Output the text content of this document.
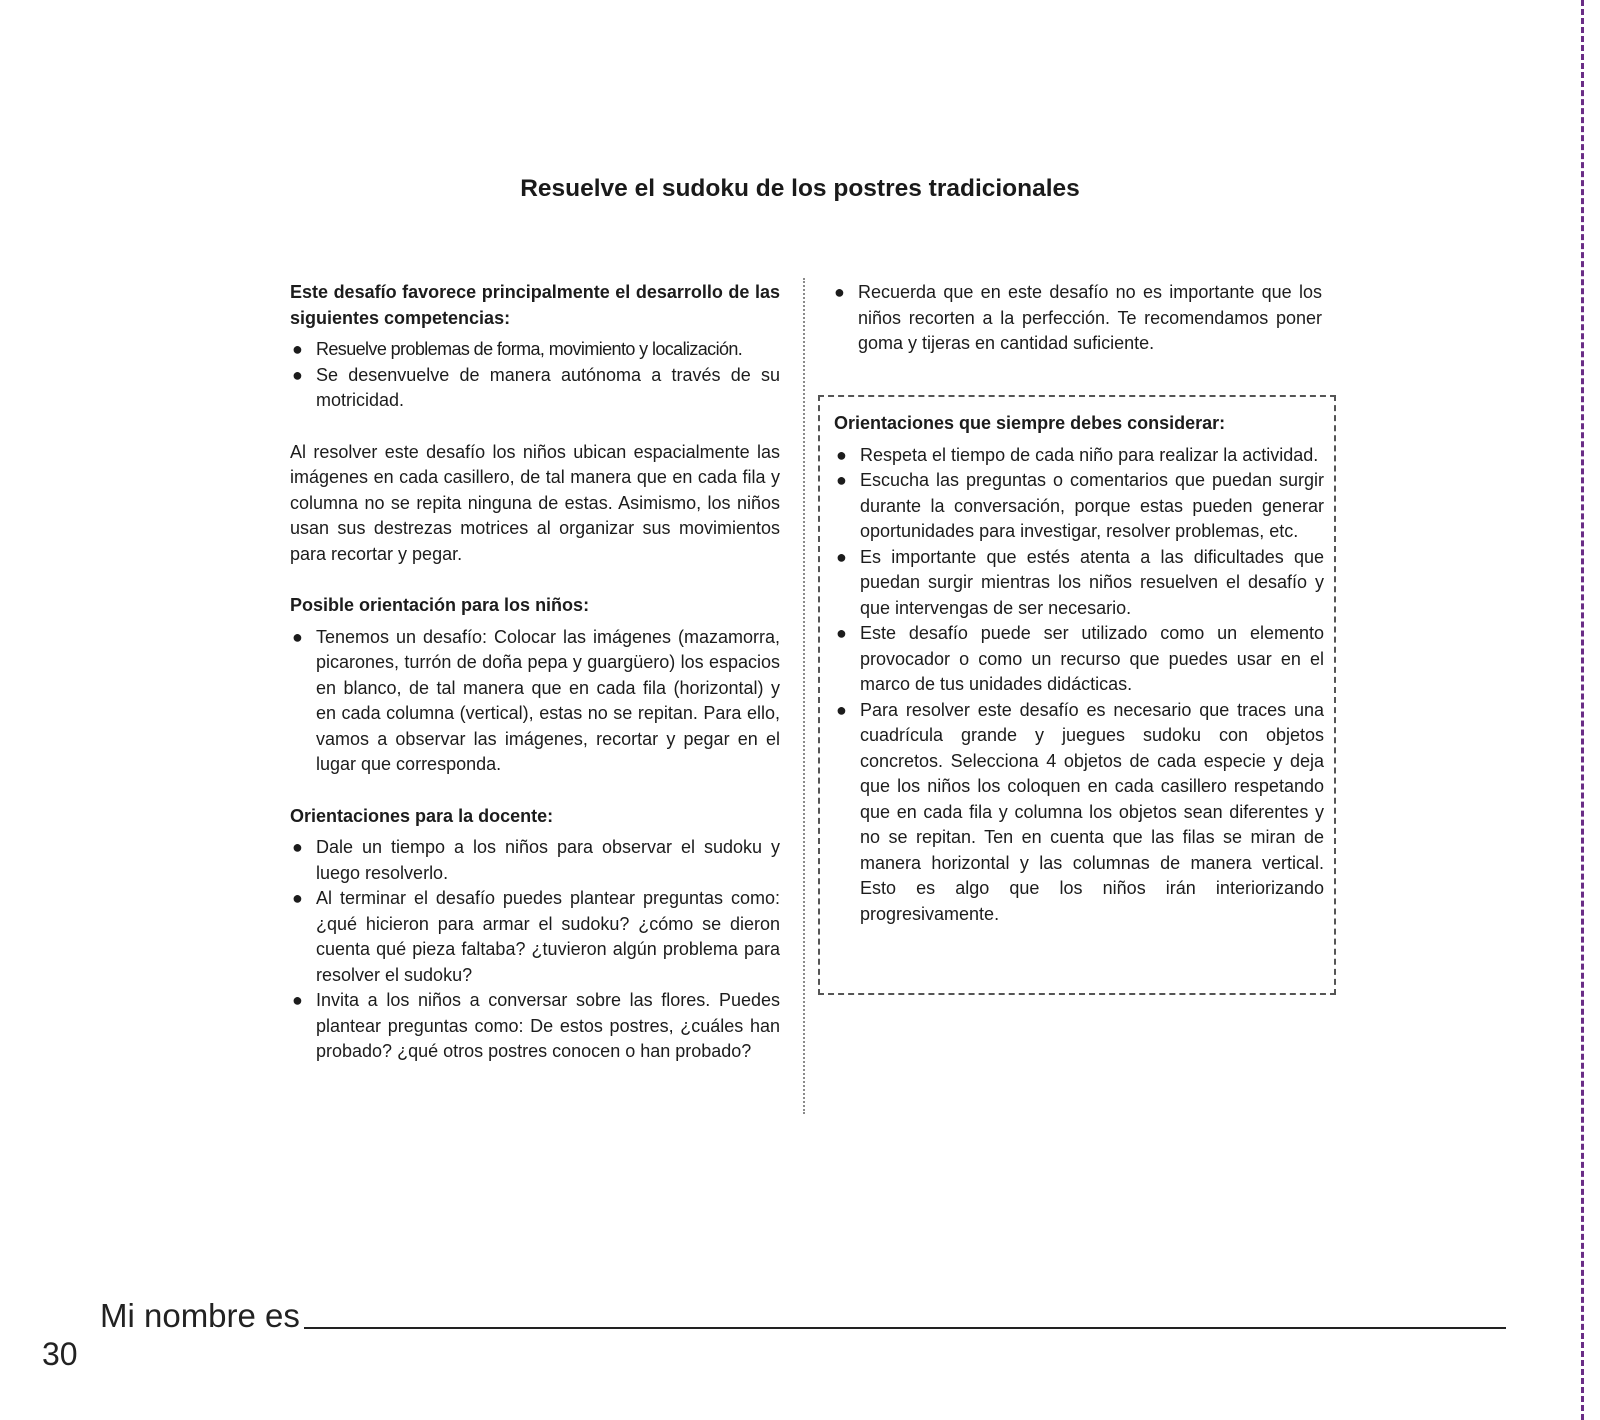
Resuelve el sudoku de los postres tradicionales

Este desafío favorece principalmente el desarrollo de las siguientes competencias:

● Resuelve problemas de forma, movimiento y localización.
● Se desenvuelve de manera autónoma a través de su motricidad.

Al resolver este desafío los niños ubican espacialmente las imágenes en cada casillero, de tal manera que en cada fila y columna no se repita ninguna de estas. Asimismo, los niños usan sus destrezas motrices al organizar sus movimientos para recortar y pegar.

Posible orientación para los niños:

● Tenemos un desafío: Colocar las imágenes (mazamorra, picarones, turrón de doña pepa y guargüero) los espacios en blanco, de tal manera que en cada fila (horizontal) y en cada columna (vertical), estas no se repitan. Para ello, vamos a observar las imágenes, recortar y pegar en el lugar que corresponda.

Orientaciones para la docente:

● Dale un tiempo a los niños para observar el sudoku y luego resolverlo.
● Al terminar el desafío puedes plantear preguntas como: ¿qué hicieron para armar el sudoku? ¿cómo se dieron cuenta qué pieza faltaba? ¿tuvieron algún problema para resolver el sudoku?
● Invita a los niños a conversar sobre las flores. Puedes plantear preguntas como: De estos postres, ¿cuáles han probado? ¿qué otros postres conocen o han probado?
● Recuerda que en este desafío no es importante que los niños recorten a la perfección. Te recomendamos poner goma y tijeras en cantidad suficiente.

Orientaciones que siempre debes considerar:

● Respeta el tiempo de cada niño para realizar la actividad.
● Escucha las preguntas o comentarios que puedan surgir durante la conversación, porque estas pueden generar oportunidades para investigar, resolver problemas, etc.
● Es importante que estés atenta a las dificultades que puedan surgir mientras los niños resuelven el desafío y que intervengas de ser necesario.
● Este desafío puede ser utilizado como un elemento provocador o como un recurso que puedes usar en el marco de tus unidades didácticas.
● Para resolver este desafío es necesario que traces una cuadrícula grande y juegues sudoku con objetos concretos. Selecciona 4 objetos de cada especie y deja que los niños los coloquen en cada casillero respetando que en cada fila y columna los objetos sean diferentes y no se repitan. Ten en cuenta que las filas se miran de manera horizontal y las columnas de manera vertical. Esto es algo que los niños irán interiorizando progresivamente.
Mi nombre es
30
